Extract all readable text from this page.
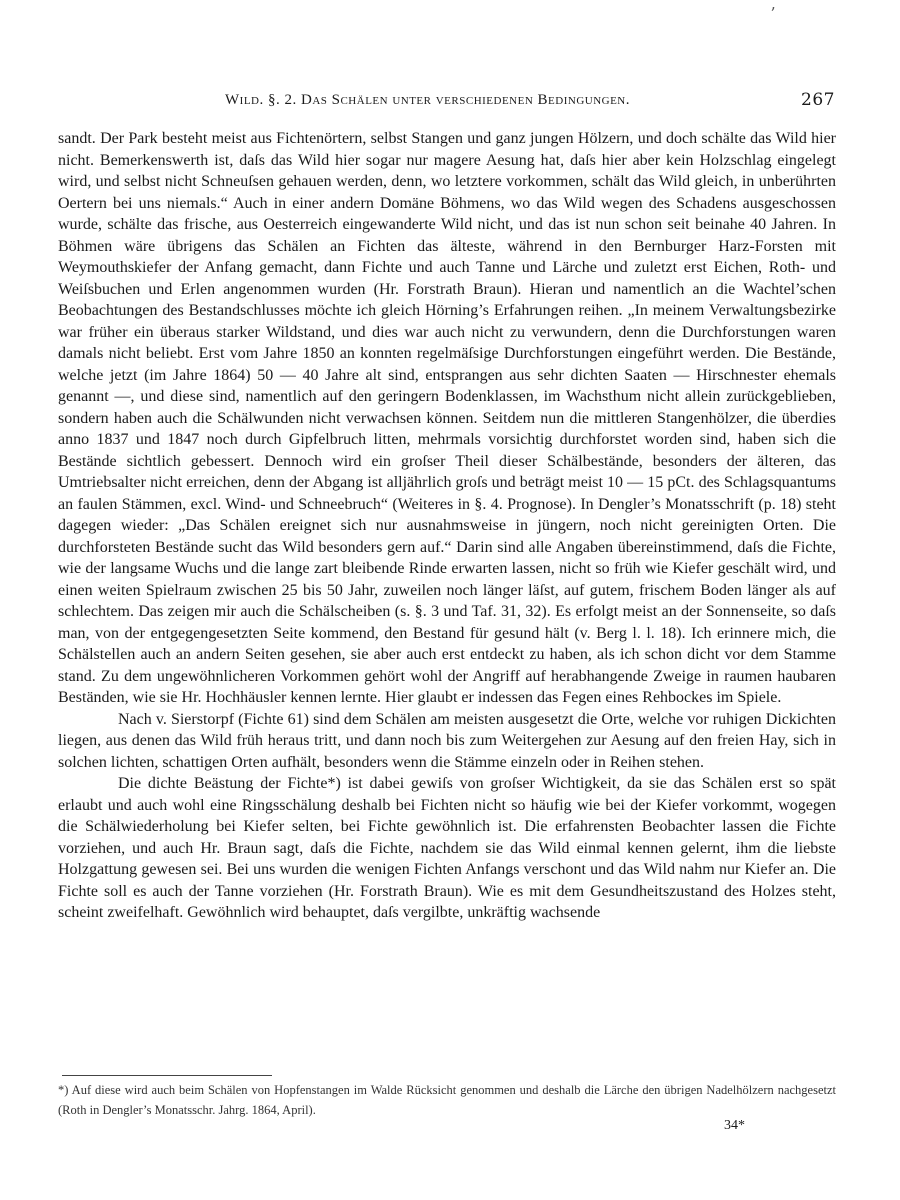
ʼ
Wild. §. 2. Das Schälen unter verschiedenen Bedingungen.	267

sandt. Der Park besteht meist aus Fichtenörtern, selbst Stangen und ganz jungen Hölzern, und doch schälte das Wild hier nicht. Bemerkenswerth ist, daſs das Wild hier sogar nur magere Aesung hat, daſs hier aber kein Holzschlag eingelegt wird, und selbst nicht Schneuſsen gehauen werden, denn, wo letztere vorkommen, schält das Wild gleich, in unberührten Oertern bei uns niemals.“ Auch in einer andern Domäne Böhmens, wo das Wild wegen des Schadens ausgeschossen wurde, schälte das frische, aus Oesterreich eingewanderte Wild nicht, und das ist nun schon seit beinahe 40 Jahren. In Böhmen wäre übrigens das Schälen an Fichten das älteste, während in den Bernburger Harz-Forsten mit Weymouthskiefer der Anfang gemacht, dann Fichte und auch Tanne und Lärche und zuletzt erst Eichen, Roth- und Weiſsbuchen und Erlen angenommen wurden (Hr. Forstrath Braun). Hieran und namentlich an die Wachtel’schen Beobachtungen des Bestandschlusses möchte ich gleich Hörning’s Erfahrungen reihen. „In meinem Verwaltungsbezirke war früher ein überaus starker Wildstand, und dies war auch nicht zu verwundern, denn die Durchforstungen waren damals nicht beliebt. Erst vom Jahre 1850 an konnten regelmäſsige Durchforstungen eingeführt werden. Die Bestände, welche jetzt (im Jahre 1864) 50 — 40 Jahre alt sind, entsprangen aus sehr dichten Saaten — Hirschnester ehemals genannt —, und diese sind, namentlich auf den geringern Bodenklassen, im Wachsthum nicht allein zurückgeblieben, sondern haben auch die Schälwunden nicht verwachsen können. Seitdem nun die mittleren Stangenhölzer, die überdies anno 1837 und 1847 noch durch Gipfelbruch litten, mehrmals vorsichtig durchforstet worden sind, haben sich die Bestände sichtlich gebessert. Dennoch wird ein groſser Theil dieser Schälbestände, besonders der älteren, das Umtriebsalter nicht erreichen, denn der Abgang ist alljährlich groſs und beträgt meist 10 — 15 pCt. des Schlagsquantums an faulen Stämmen, excl. Wind- und Schneebruch“ (Weiteres in §. 4. Prognose). In Dengler’s Monatsschrift (p. 18) steht dagegen wieder: „Das Schälen ereignet sich nur ausnahmsweise in jüngern, noch nicht gereinigten Orten. Die durchforsteten Bestände sucht das Wild besonders gern auf.“ Darin sind alle Angaben übereinstimmend, daſs die Fichte, wie der langsame Wuchs und die lange zart bleibende Rinde erwarten lassen, nicht so früh wie Kiefer geschält wird, und einen weiten Spielraum zwischen 25 bis 50 Jahr, zuweilen noch länger läſst, auf gutem, frischem Boden länger als auf schlechtem. Das zeigen mir auch die Schälscheiben (s. §. 3 und Taf. 31, 32). Es erfolgt meist an der Sonnenseite, so daſs man, von der entgegengesetzten Seite kommend, den Bestand für gesund hält (v. Berg l. l. 18). Ich erinnere mich, die Schälstellen auch an andern Seiten gesehen, sie aber auch erst entdeckt zu haben, als ich schon dicht vor dem Stamme stand. Zu dem ungewöhnlicheren Vorkommen gehört wohl der Angriff auf herabhangende Zweige in raumen haubaren Beständen, wie sie Hr. Hochhäusler kennen lernte. Hier glaubt er indessen das Fegen eines Rehbockes im Spiele.

Nach v. Sierstorpf (Fichte 61) sind dem Schälen am meisten ausgesetzt die Orte, welche vor ruhigen Dickichten liegen, aus denen das Wild früh heraus tritt, und dann noch bis zum Weitergehen zur Aesung auf den freien Hay, sich in solchen lichten, schattigen Orten aufhält, besonders wenn die Stämme einzeln oder in Reihen stehen.

Die dichte Beästung der Fichte*) ist dabei gewiſs von groſser Wichtigkeit, da sie das Schälen erst so spät erlaubt und auch wohl eine Ringsschälung deshalb bei Fichten nicht so häufig wie bei der Kiefer vorkommt, wogegen die Schälwiederholung bei Kiefer selten, bei Fichte gewöhnlich ist. Die erfahrensten Beobachter lassen die Fichte vorziehen, und auch Hr. Braun sagt, daſs die Fichte, nachdem sie das Wild einmal kennen gelernt, ihm die liebste Holzgattung gewesen sei. Bei uns wurden die wenigen Fichten Anfangs verschont und das Wild nahm nur Kiefer an. Die Fichte soll es auch der Tanne vorziehen (Hr. Forstrath Braun). Wie es mit dem Gesundheitszustand des Holzes steht, scheint zweifelhaft. Gewöhnlich wird behauptet, daſs vergilbte, unkräftig wachsende

*) Auf diese wird auch beim Schälen von Hopfenstangen im Walde Rücksicht genommen und deshalb die Lärche den übrigen Nadelhölzern nachgesetzt (Roth in Dengler’s Monatsschr. Jahrg. 1864, April).
34*
